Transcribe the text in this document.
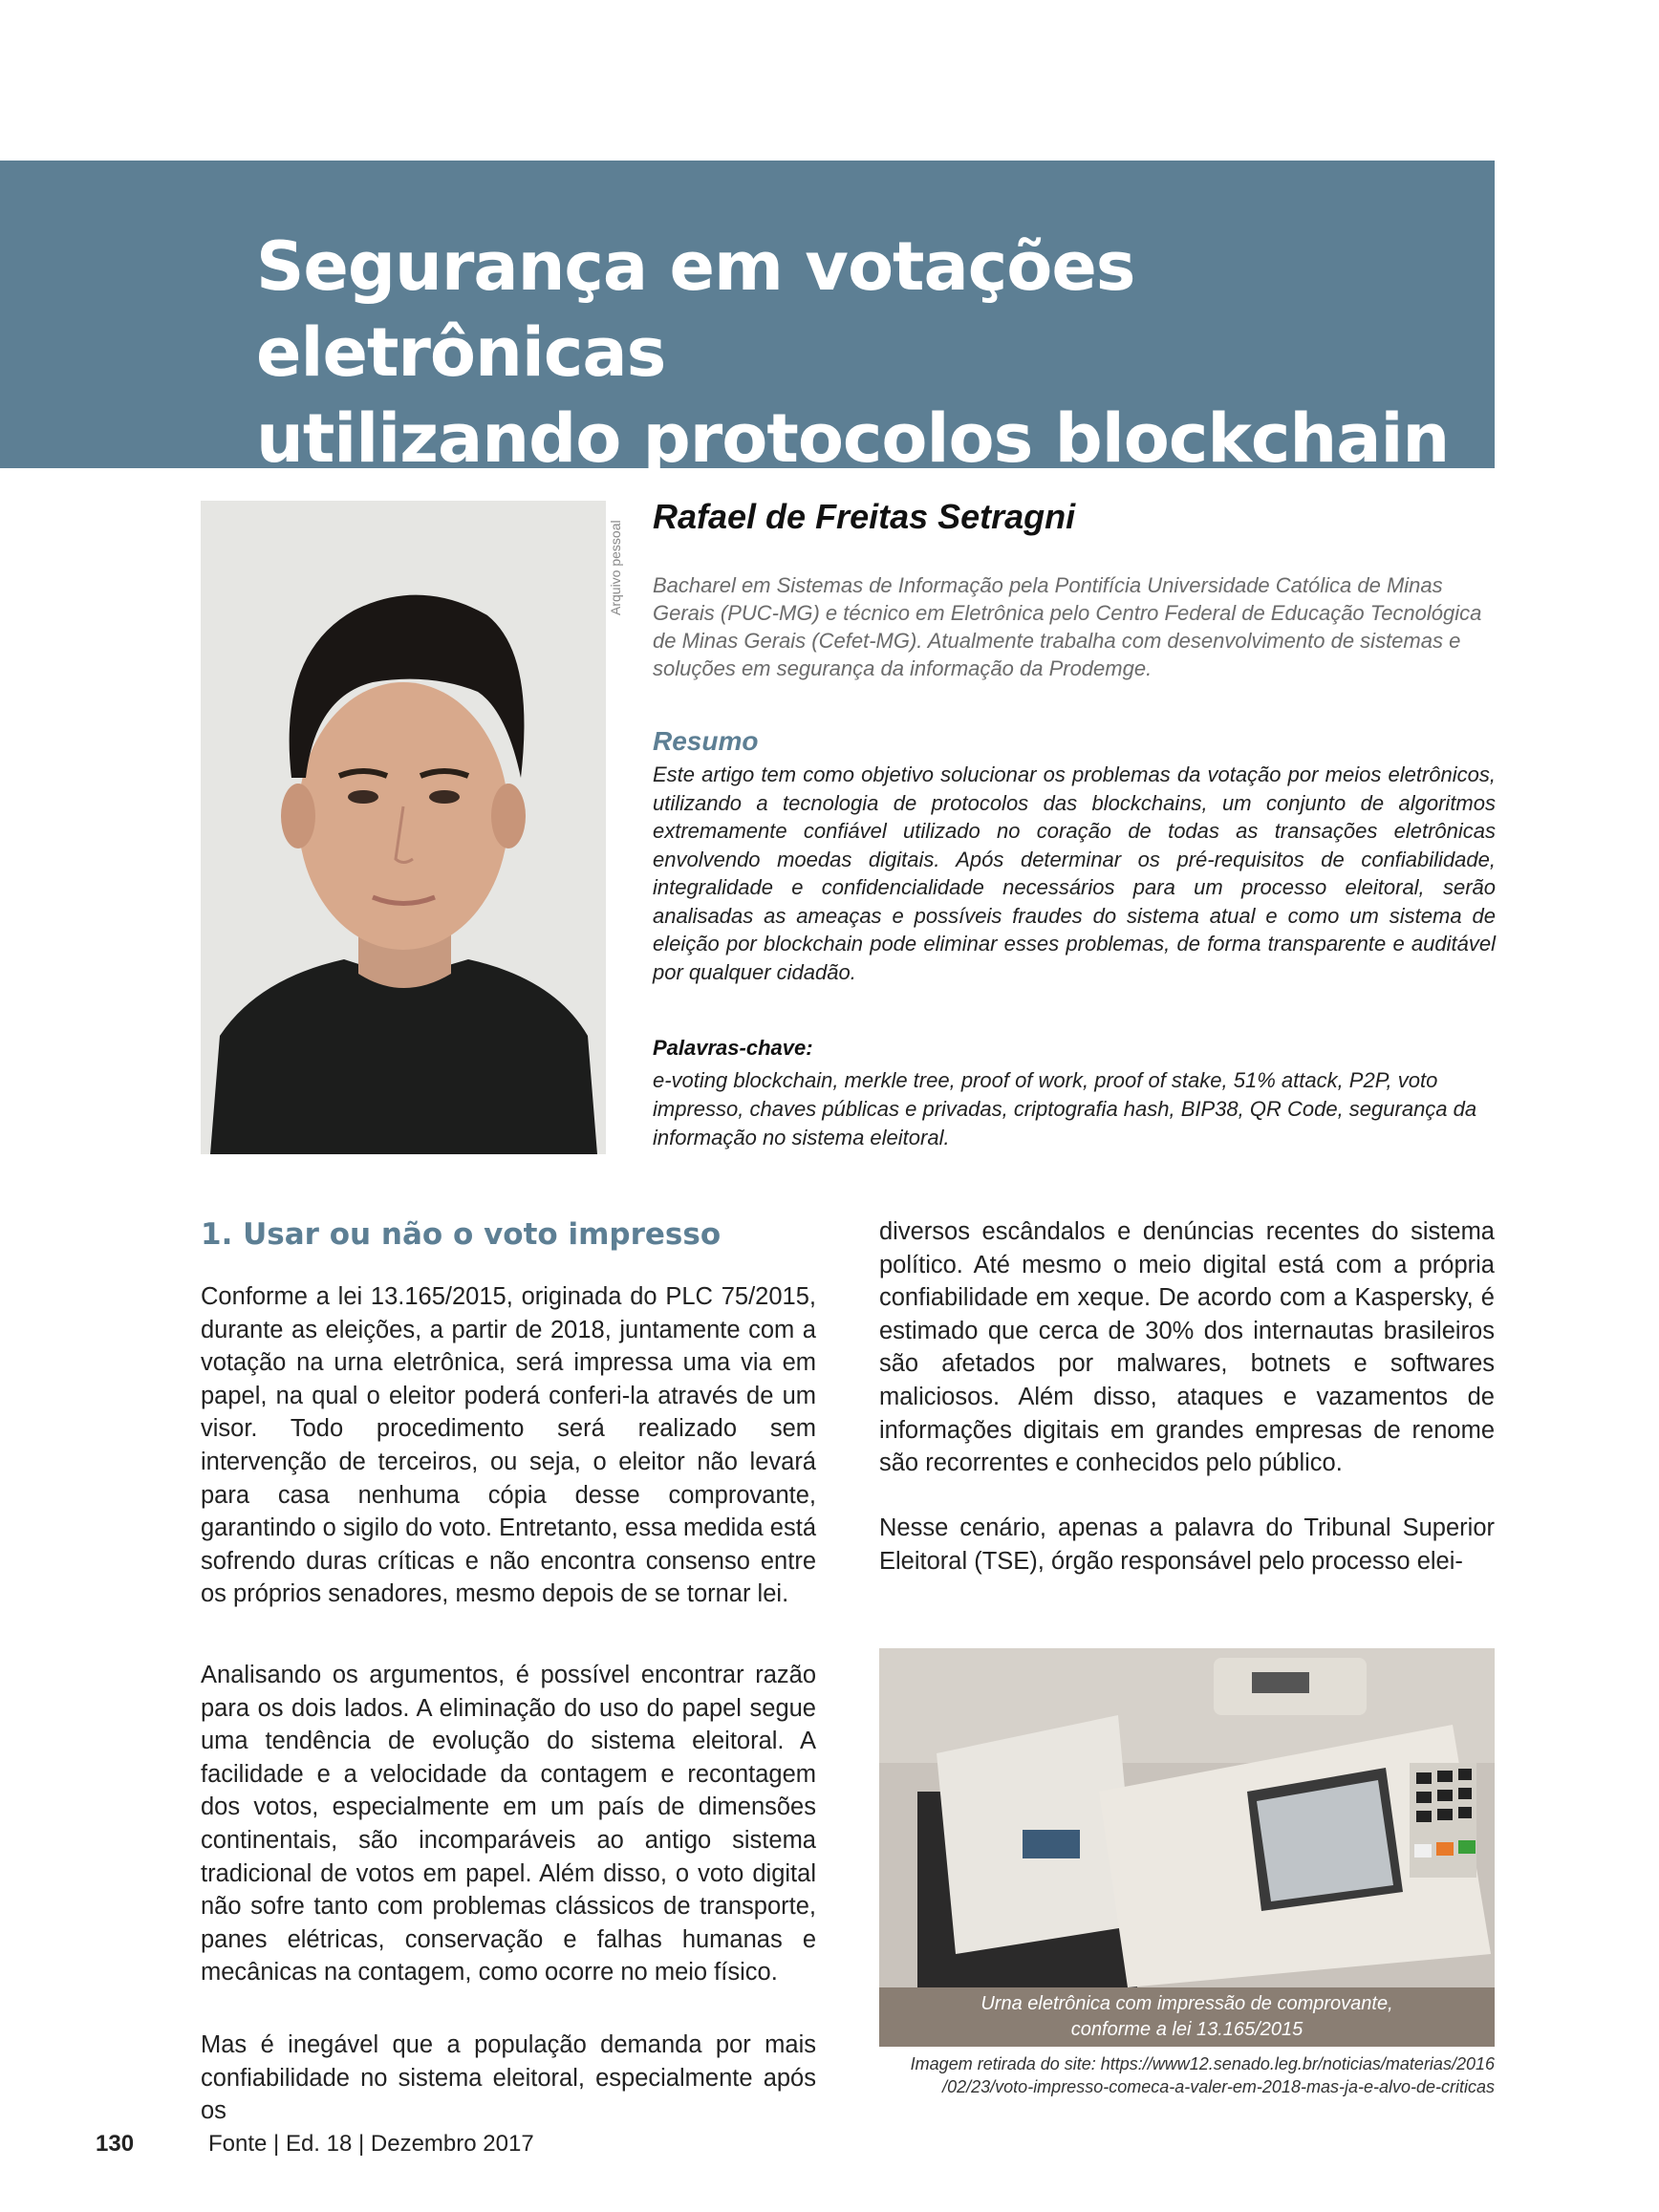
Segurança em votações eletrônicas
utilizando protocolos blockchain
Arquivo pessoal
Rafael de Freitas Setragni
Bacharel em Sistemas de Informação pela Pontifícia Universidade Católica de Minas Gerais (PUC-MG) e técnico em Eletrônica pelo Centro Federal de Educação Tecnológica de Minas Gerais (Cefet-MG). Atualmente trabalha com desenvolvimento de sistemas e soluções em segurança da informação da Prodemge.
Resumo
Este artigo tem como objetivo solucionar os problemas da votação por meios eletrônicos, utilizando a tecnologia de protocolos das blockchains, um conjunto de algoritmos extremamente confiável utilizado no coração de todas as transações eletrônicas envolvendo moedas digitais. Após determinar os pré-requisitos de confiabilidade, integralidade e confidencialidade necessários para um processo eleitoral, serão analisadas as ameaças e possíveis fraudes do sistema atual e como um sistema de eleição por blockchain pode eliminar esses problemas, de forma transparente e auditável por qualquer cidadão.
Palavras-chave:
e-voting blockchain, merkle tree, proof of work, proof of stake, 51% attack, P2P, voto impresso, chaves públicas e privadas, criptografia hash, BIP38, QR Code, segurança da informação no sistema eleitoral.
1. Usar ou não o voto impresso

Conforme a lei 13.165/2015, originada do PLC 75/2015, durante as eleições, a partir de 2018, juntamente com a votação na urna eletrônica, será impressa uma via em papel, na qual o eleitor poderá conferi-la através de um visor. Todo procedimento será realizado sem intervenção de terceiros, ou seja, o eleitor não levará para casa nenhuma cópia desse comprovante, garantindo o sigilo do voto. Entretanto, essa medida está sofrendo duras críticas e não encontra consenso entre os próprios senadores, mesmo depois de se tornar lei.

Analisando os argumentos, é possível encontrar razão para os dois lados. A eliminação do uso do papel segue uma tendência de evolução do sistema eleitoral. A facilidade e a velocidade da contagem e recontagem dos votos, especialmente em um país de dimensões continentais, são incomparáveis ao antigo sistema tradicional de votos em papel. Além disso, o voto digital não sofre tanto com problemas clássicos de transporte, panes elétricas, conservação e falhas humanas e mecânicas na contagem, como ocorre no meio físico.

Mas é inegável que a população demanda por mais confiabilidade no sistema eleitoral, especialmente após os

diversos escândalos e denúncias recentes do sistema político. Até mesmo o meio digital está com a própria confiabilidade em xeque. De acordo com a Kaspersky, é estimado que cerca de 30% dos internautas brasileiros são afetados por malwares, botnets e softwares maliciosos. Além disso, ataques e vazamentos de informações digitais em grandes empresas de renome são recorrentes e conhecidos pelo público.

Nesse cenário, apenas a palavra do Tribunal Superior Eleitoral (TSE), órgão responsável pelo processo elei-

Urna eletrônica com impressão de comprovante,
conforme a lei 13.165/2015
Imagem retirada do site: https://www12.senado.leg.br/noticias/materias/2016
/02/23/voto-impresso-comeca-a-valer-em-2018-mas-ja-e-alvo-de-criticas
130	Fonte | Ed. 18 | Dezembro 2017
